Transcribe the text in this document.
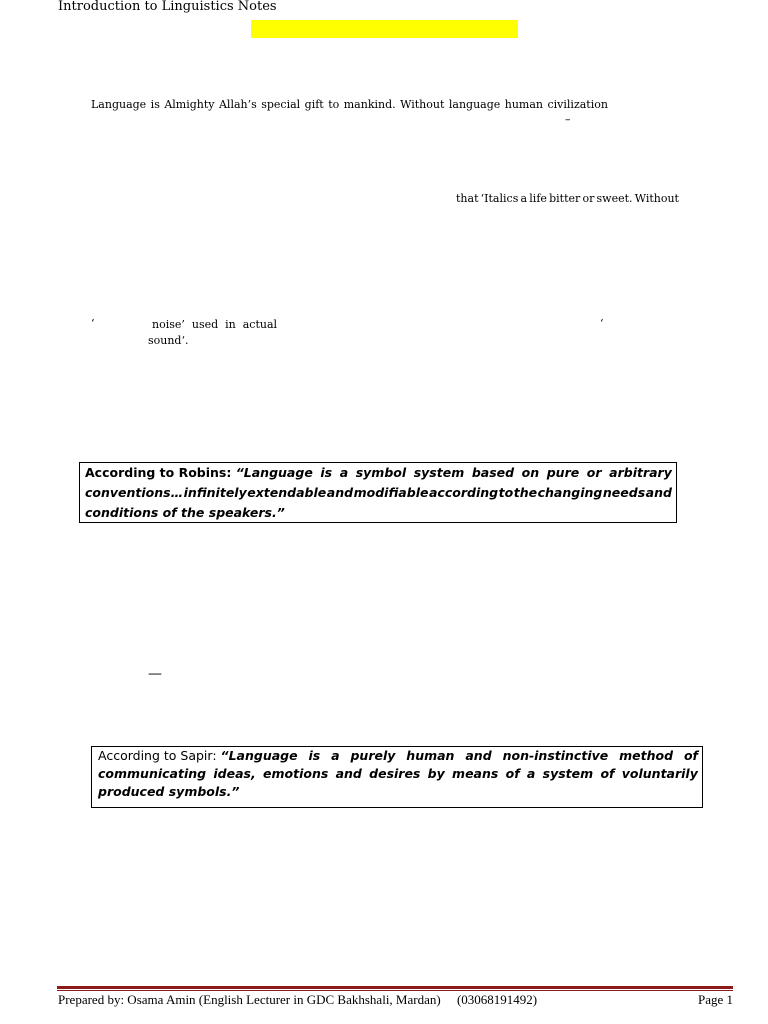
Introduction to Linguistics Notes
Language is Almighty Allah’s special gift to mankind. Without language human civilization
–
that ‘Italics a life bitter or sweet. Without
‘	noise’  used  in  actual	‘
sound‘.
According to Robins: “Language is a symbol system based on pure or arbitrary
conventions… infinitely extendable and modifiable according to the changing needs and
conditions of the speakers.”
—
According to Sapir: “Language is a purely human and non-instinctive method of
communicating ideas, emotions and desires by means of a system of voluntarily
produced symbols.”
Prepared by: Osama Amin (English Lecturer in GDC Bakhshali, Mardan)     (03068191492)	Page 1
